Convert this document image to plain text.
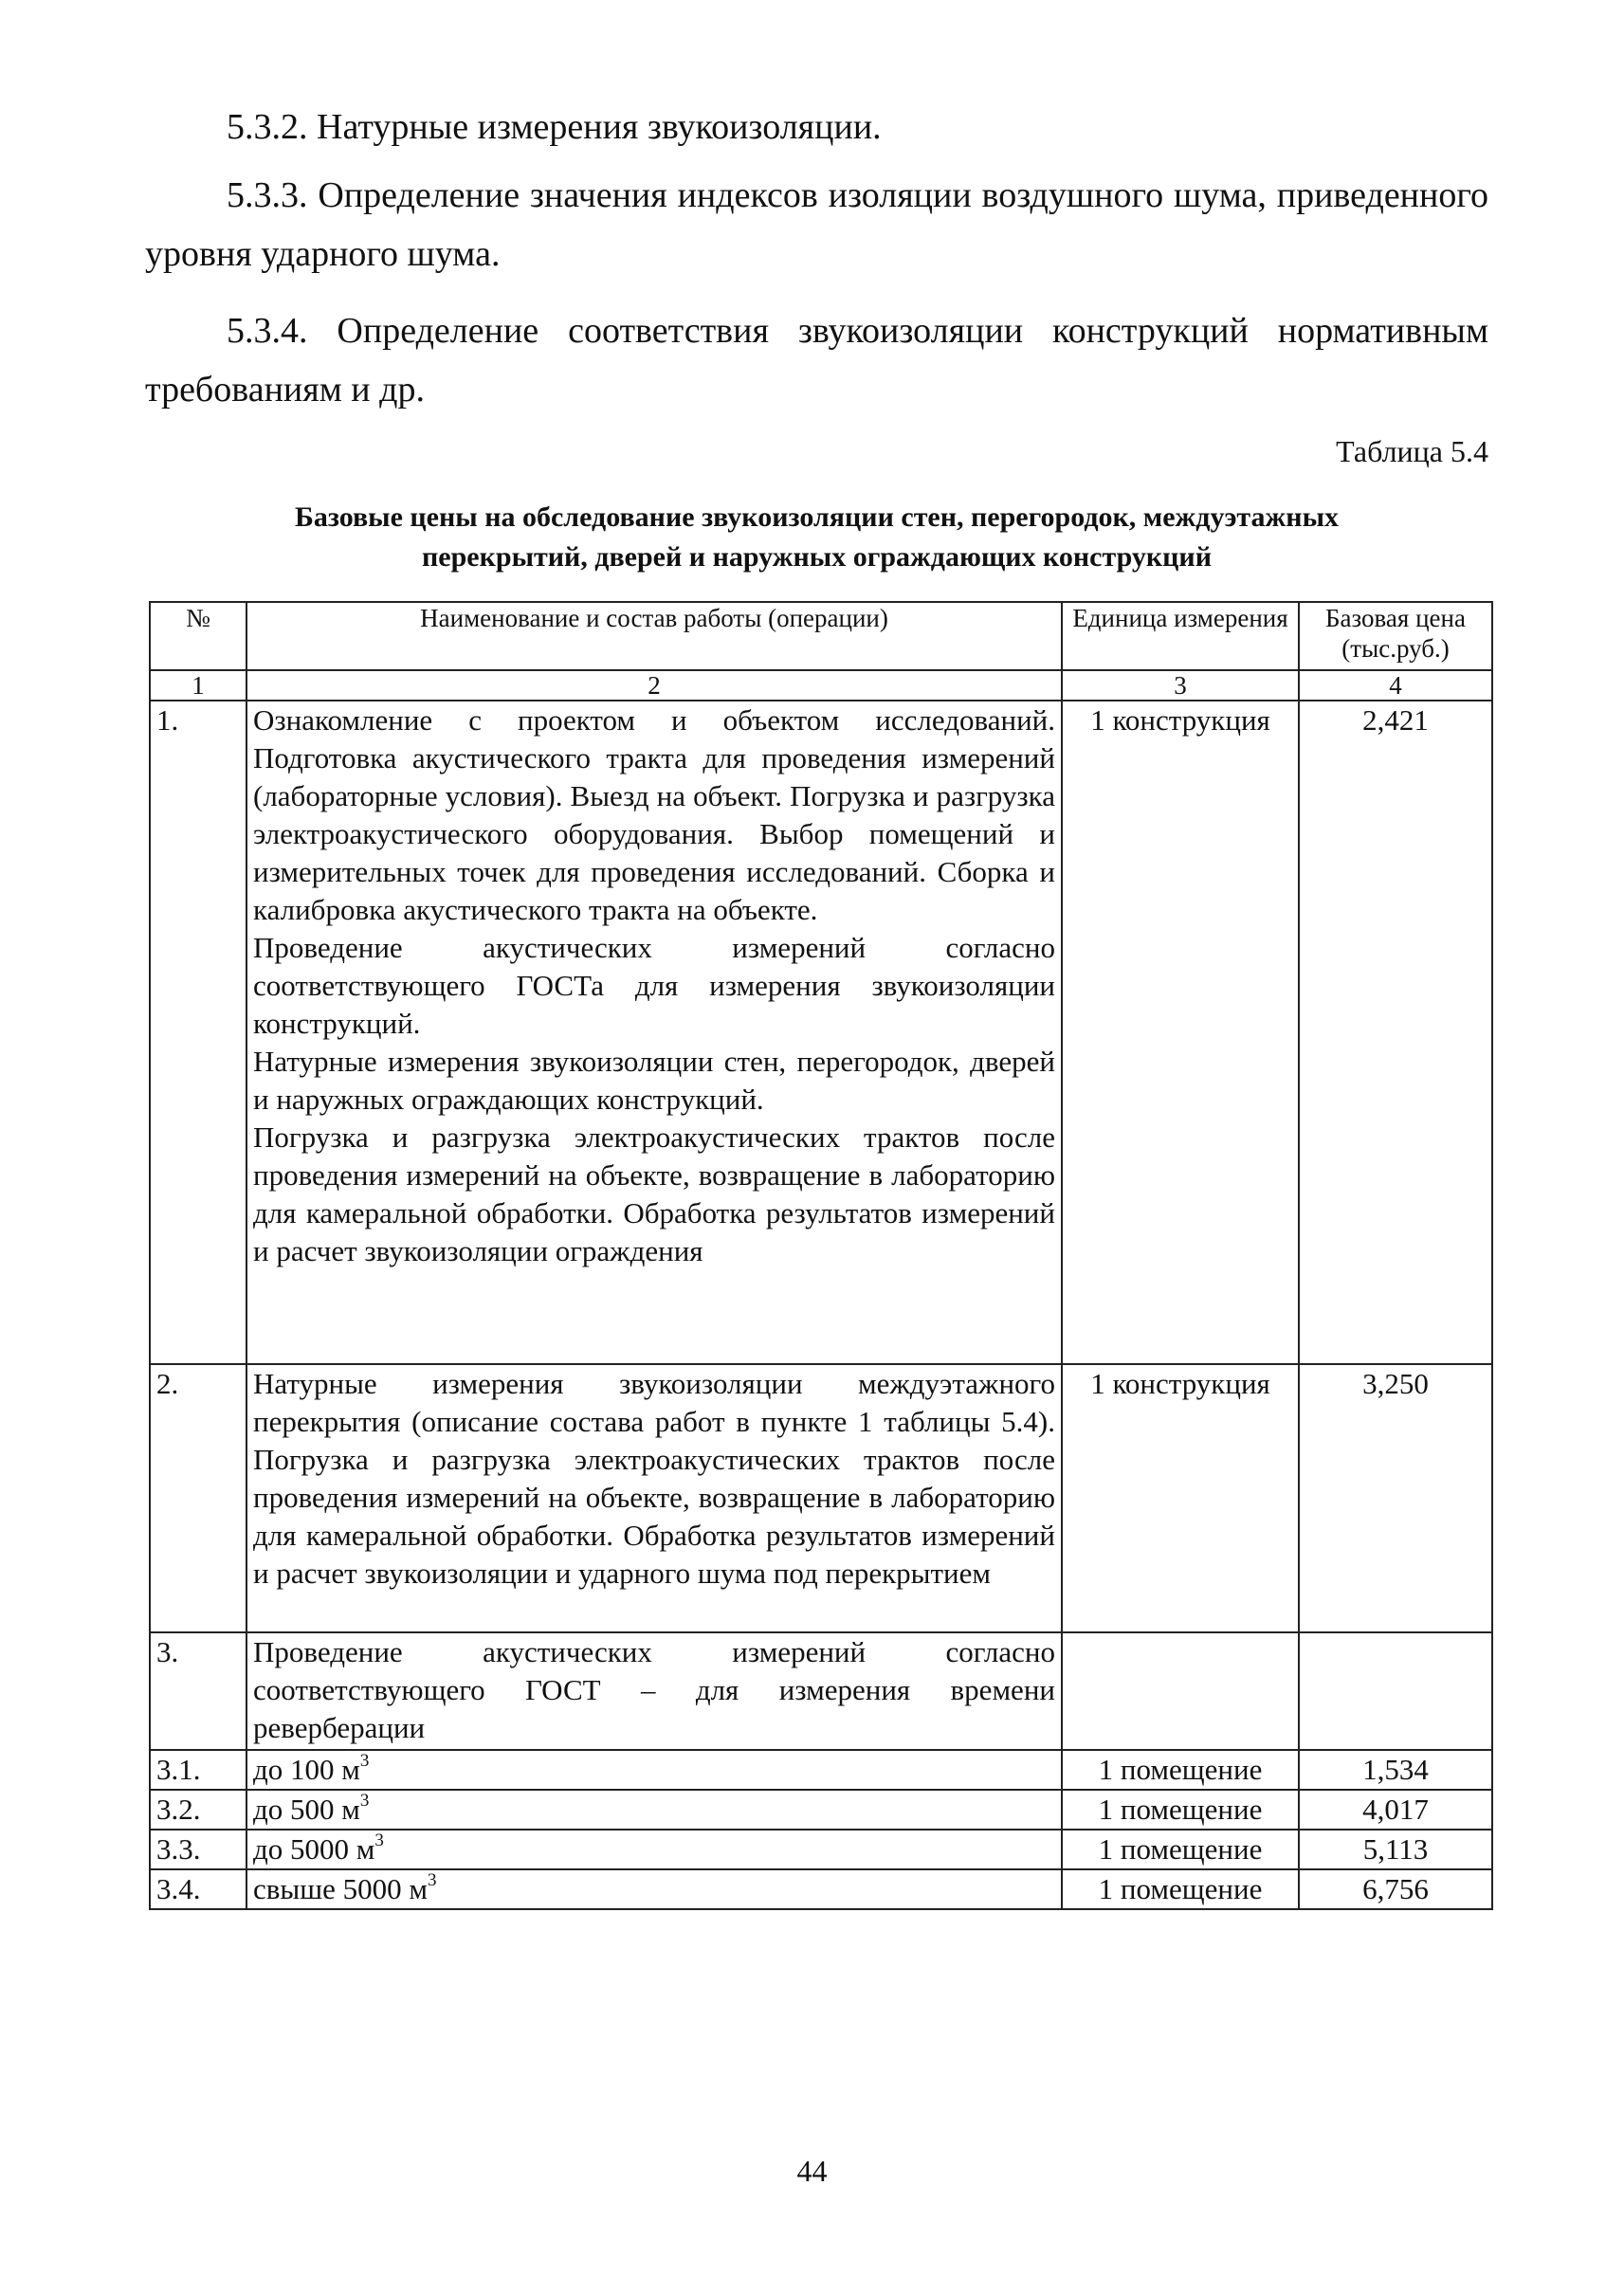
5.3.2. Натурные измерения звукоизоляции.
5.3.3. Определение значения индексов изоляции воздушного шума, приведенного уровня ударного шума.
5.3.4. Определение соответствия звукоизоляции конструкций нормативным требованиям и др.
Таблица 5.4
Базовые цены на обследование звукоизоляции стен, перегородок, междуэтажных
перекрытий, дверей и наружных ограждающих конструкций
№	Наименование и состав работы (операции)	Единица измерения	Базовая цена (тыс.руб.)
1	2	3	4
1.	Ознакомление с проектом и объектом исследований. Подготовка акустического тракта для проведения измерений (лабораторные условия). Выезд на объект. Погрузка и разгрузка электроакустического оборудования. Выбор помещений и измерительных точек для проведения исследований. Сборка и калибровка акустического тракта на объекте.
Проведение акустических измерений согласно соответствующего ГОСТа для измерения звукоизоляции конструкций.
Натурные измерения звукоизоляции стен, перегородок, дверей и наружных ограждающих конструкций.
Погрузка и разгрузка электроакустических трактов после проведения измерений на объекте, возвращение в лабораторию для камеральной обработки. Обработка результатов измерений и расчет звукоизоляции ограждения	1 конструкция	2,421
2.	Натурные измерения звукоизоляции междуэтажного перекрытия (описание состава работ в пункте 1 таблицы 5.4). Погрузка и разгрузка электроакустических трактов после проведения измерений на объекте, возвращение в лабораторию для камеральной обработки. Обработка результатов измерений и расчет звукоизоляции и ударного шума под перекрытием	1 конструкция	3,250
3.	Проведение акустических измерений согласно соответствующего ГОСТ – для измерения времени реверберации		
3.1.	до 100 $м^3$	1 помещение	1,534
3.2.	до 500 $м^3$	1 помещение	4,017
3.3.	до 5000 $м^3$	1 помещение	5,113
3.4.	свыше 5000 $м^3$	1 помещение	6,756
44
